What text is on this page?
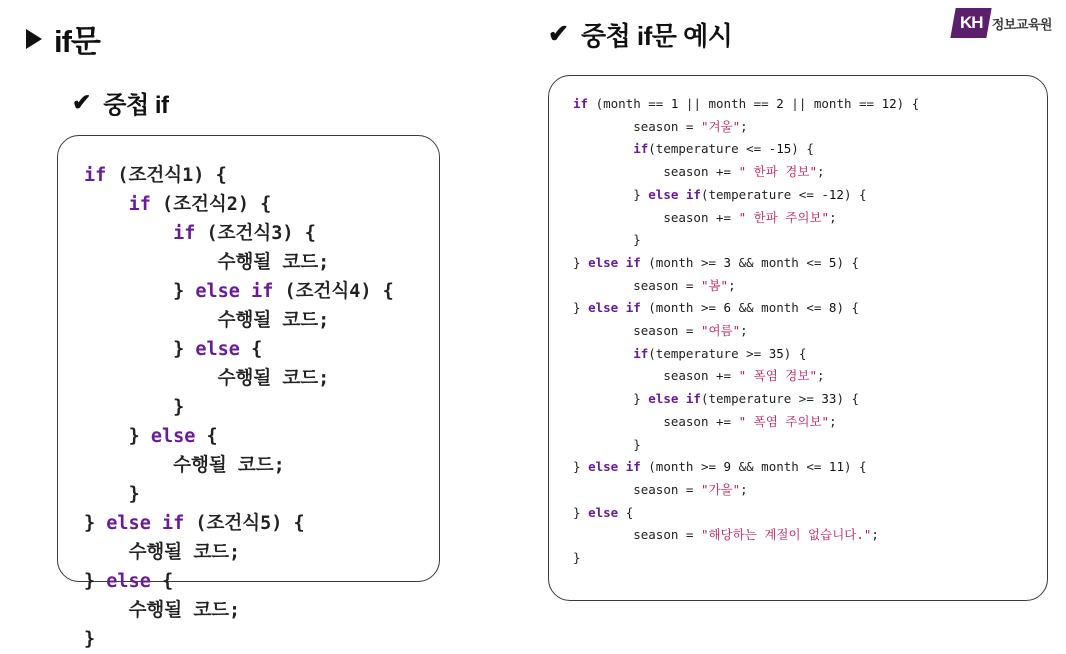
KH 정보교육원
if문
✔ 중첩 if
if (조건식1) {
if (조건식2) {
if (조건식3) {
수행될 코드;
} else if (조건식4) {
수행될 코드;
} else {
수행될 코드;
}
} else {
수행될 코드;
}
} else if (조건식5) {
수행될 코드;
} else {
수행될 코드;
}
✔ 중첩 if문 예시
if (month == 1 || month == 2 || month == 12) {
season = "겨울";
if(temperature <= -15) {
season += " 한파 경보";
} else if(temperature <= -12) {
season += " 한파 주의보";
}
} else if (month >= 3 && month <= 5) {
season = "봄";
} else if (month >= 6 && month <= 8) {
season = "여름";
if(temperature >= 35) {
season += " 폭염 경보";
} else if(temperature >= 33) {
season += " 폭염 주의보";
}
} else if (month >= 9 && month <= 11) {
season = "가을";
} else {
season = "해당하는 계절이 없습니다.";
}
